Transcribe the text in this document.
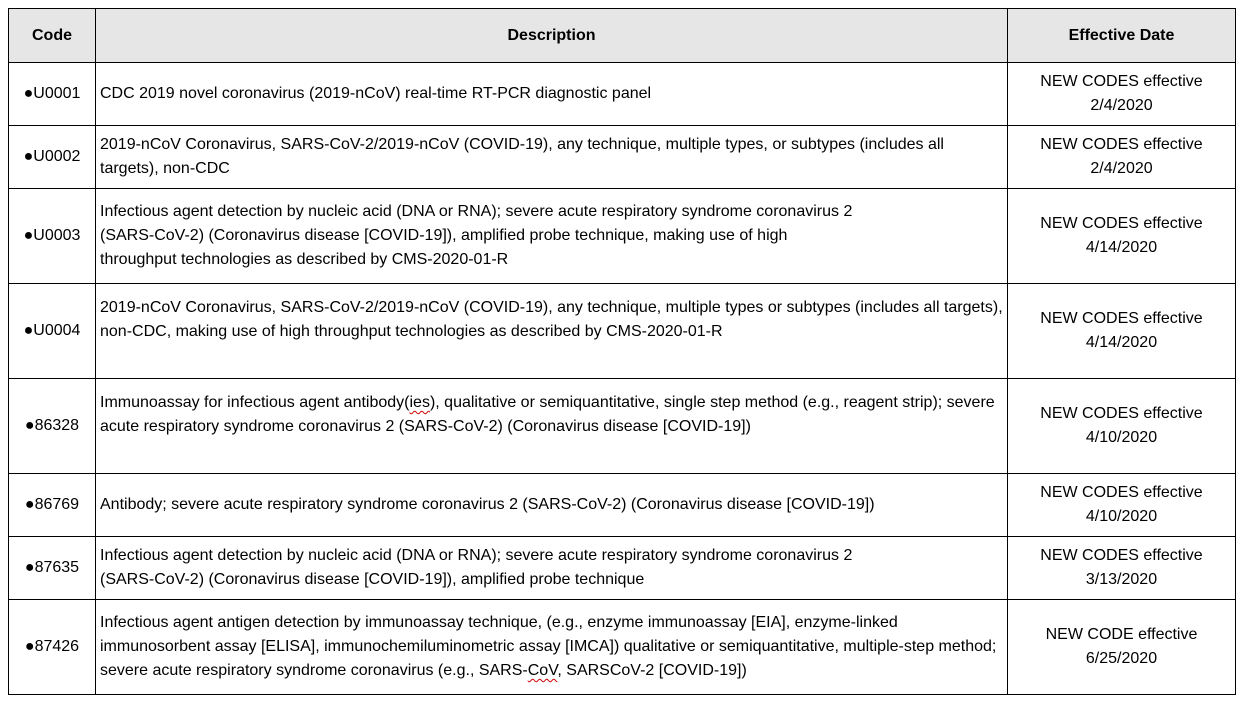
Code	Description	Effective Date
●U0001	CDC 2019 novel coronavirus (2019-nCoV) real-time RT-PCR diagnostic panel	NEW CODES effective
2/4/2020

●U0002	2019-nCoV Coronavirus, SARS-CoV-2/2019-nCoV (COVID-19), any technique, multiple types, or subtypes (includes all targets), non-CDC	NEW CODES effective
2/4/2020

●U0003	Infectious agent detection by nucleic acid (DNA or RNA); severe acute respiratory syndrome coronavirus 2
(SARS-CoV-2) (Coronavirus disease [COVID-19]), amplified probe technique, making use of high
throughput technologies as described by CMS-2020-01-R	NEW CODES effective
4/14/2020

●U0004	2019-nCoV Coronavirus, SARS-CoV-2/2019-nCoV (COVID-19), any technique, multiple types or subtypes (includes all targets), non-CDC, making use of high throughput technologies as described by CMS-2020-01-R	NEW CODES effective
4/14/2020

●86328	Immunoassay for infectious agent antibody(ies), qualitative or semiquantitative, single step method (e.g., reagent strip); severe acute respiratory syndrome coronavirus 2 (SARS-CoV-2) (Coronavirus disease [COVID-19])	NEW CODES effective
4/10/2020

●86769	Antibody; severe acute respiratory syndrome coronavirus 2 (SARS-CoV-2) (Coronavirus disease [COVID-19])	NEW CODES effective
4/10/2020

●87635	Infectious agent detection by nucleic acid (DNA or RNA); severe acute respiratory syndrome coronavirus 2
(SARS-CoV-2) (Coronavirus disease [COVID-19]), amplified probe technique	NEW CODES effective
3/13/2020

●87426	Infectious agent antigen detection by immunoassay technique, (e.g., enzyme immunoassay [EIA], enzyme-linked immunosorbent assay [ELISA], immunochemiluminometric assay [IMCA]) qualitative or semiquantitative, multiple-step method; severe acute respiratory syndrome coronavirus (e.g., SARS-CoV, SARSCoV-2 [COVID-19])	NEW CODE effective
6/25/2020
